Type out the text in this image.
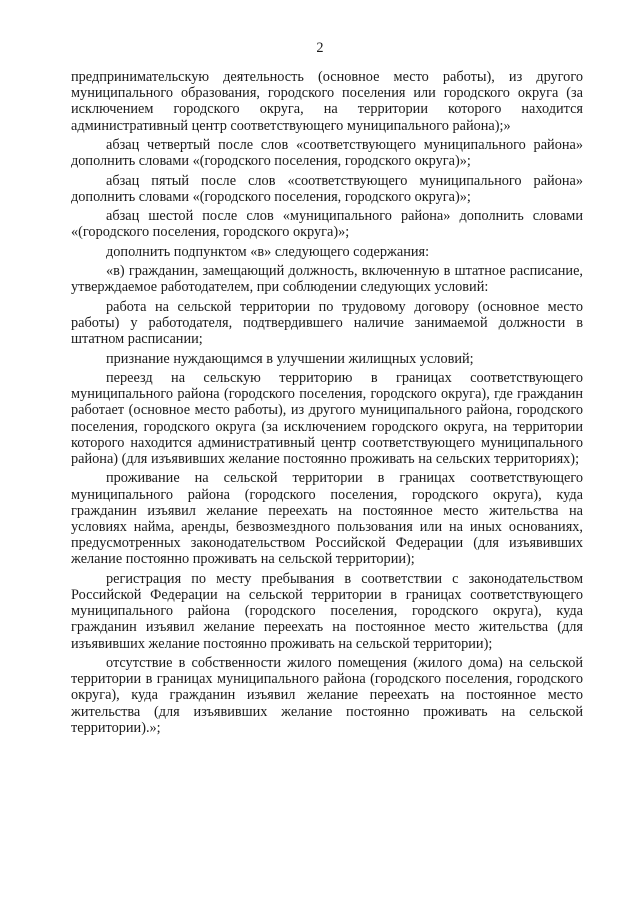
2

предпринимательскую деятельность (основное место работы), из другого муниципального образования, городского поселения или городского округа (за исключением городского округа, на территории которого находится административный центр соответствующего муниципального района);»

абзац четвертый после слов «соответствующего муниципального района» дополнить словами «(городского поселения, городского округа)»;

абзац пятый после слов «соответствующего муниципального района» дополнить словами «(городского поселения, городского округа)»;

абзац шестой после слов «муниципального района» дополнить словами «(городского поселения, городского округа)»;

дополнить подпунктом «в» следующего содержания:

«в) гражданин, замещающий должность, включенную в штатное расписание, утверждаемое работодателем, при соблюдении следующих условий:

работа на сельской территории по трудовому договору (основное место работы) у работодателя, подтвердившего наличие занимаемой должности в штатном расписании;

признание нуждающимся в улучшении жилищных условий;

переезд на сельскую территорию в границах соответствующего муниципального района (городского поселения, городского округа), где гражданин работает (основное место работы), из другого муниципального района, городского поселения, городского округа (за исключением городского округа, на территории которого находится административный центр соответствующего муниципального района) (для изъявивших желание постоянно проживать на сельских территориях);

проживание на сельской территории в границах соответствующего муниципального района (городского поселения, городского округа), куда гражданин изъявил желание переехать на постоянное место жительства на условиях найма, аренды, безвозмездного пользования или на иных основаниях, предусмотренных законодательством Российской Федерации (для изъявивших желание постоянно проживать на сельской территории);

регистрация по месту пребывания в соответствии с законодательством Российской Федерации на сельской территории в границах соответствующего муниципального района (городского поселения, городского округа), куда гражданин изъявил желание переехать на постоянное место жительства (для изъявивших желание постоянно проживать на сельской территории);

отсутствие в собственности жилого помещения (жилого дома) на сельской территории в границах муниципального района (городского поселения, городского округа), куда гражданин изъявил желание переехать на постоянное место жительства (для изъявивших желание постоянно проживать на сельской территории).»;
